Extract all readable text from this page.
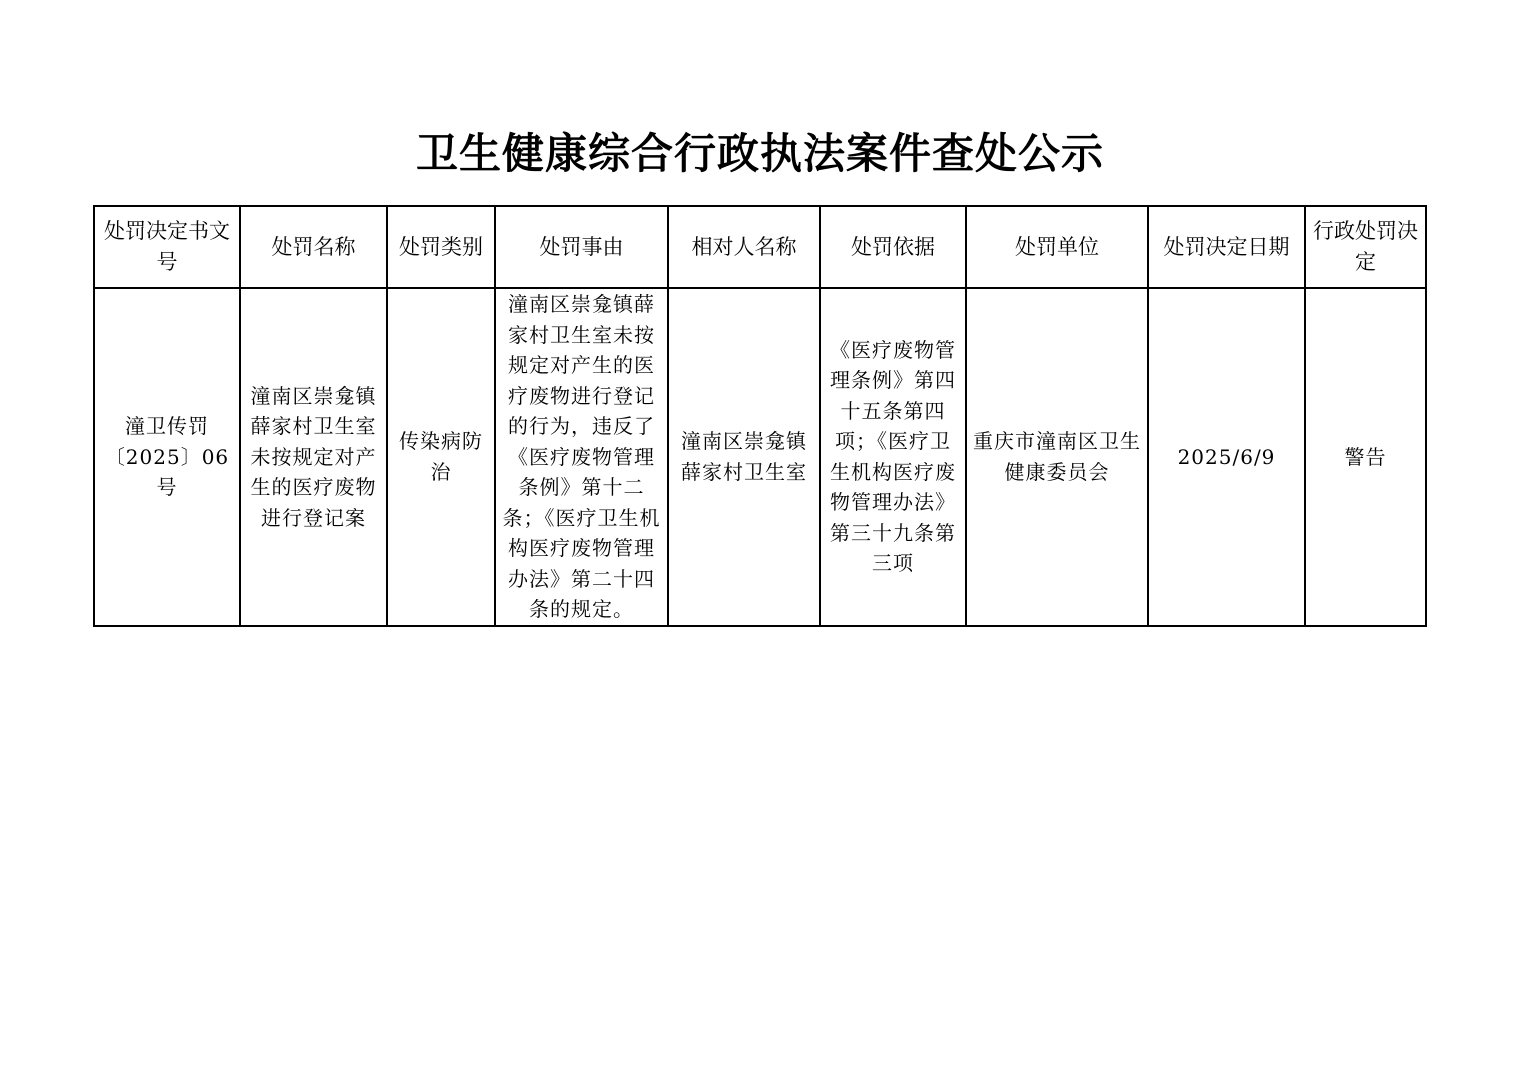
卫生健康综合行政执法案件查处公示
处罚决定书文号	处罚名称	处罚类别	处罚事由	相对人名称	处罚依据	处罚单位	处罚决定日期	行政处罚决定
潼卫传罚〔2025〕06号	潼南区崇龛镇薛家村卫生室未按规定对产生的医疗废物进行登记案	传染病防治	潼南区崇龛镇薛家村卫生室未按规定对产生的医疗废物进行登记的行为，违反了《医疗废物管理条例》第十二条；《医疗卫生机构医疗废物管理办法》第二十四条的规定。	潼南区崇龛镇薛家村卫生室	《医疗废物管理条例》第四十五条第四项；《医疗卫生机构医疗废物管理办法》第三十九条第三项	重庆市潼南区卫生健康委员会	2025/6/9	警告
